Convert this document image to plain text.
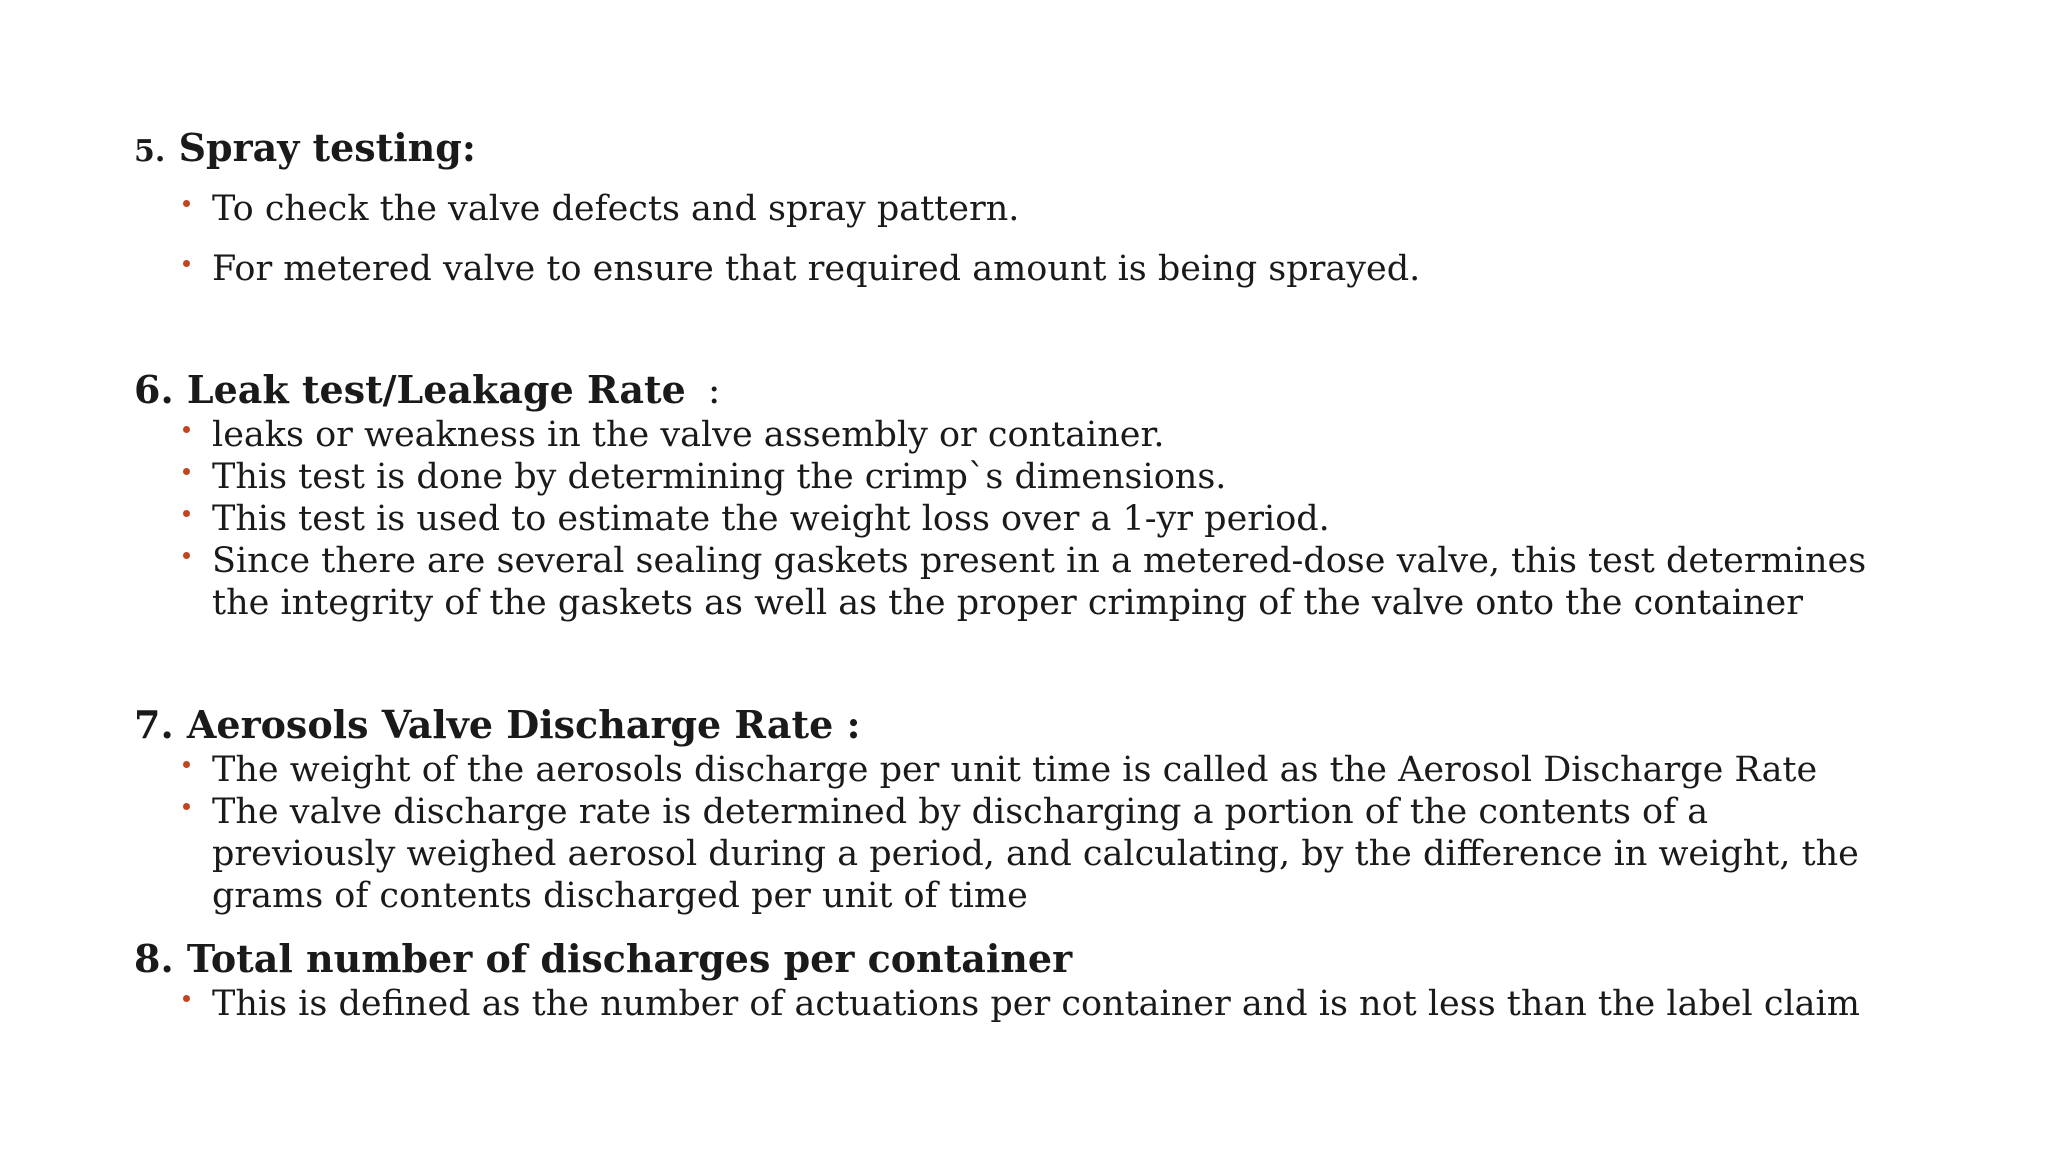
5. Spray testing:
To check the valve defects and spray pattern.
For metered valve to ensure that required amount is being sprayed.
6. Leak test/Leakage Rate :
leaks or weakness in the valve assembly or container.
This test is done by determining the crimp`s dimensions.
This test is used to estimate the weight loss over a 1-yr period.
Since there are several sealing gaskets present in a metered-dose valve, this test determines
the integrity of the gaskets as well as the proper crimping of the valve onto the container
7. Aerosols Valve Discharge Rate :
The weight of the aerosols discharge per unit time is called as the Aerosol Discharge Rate
The valve discharge rate is determined by discharging a portion of the contents of a
previously weighed aerosol during a period, and calculating, by the difference in weight, the
grams of contents discharged per unit of time
8. Total number of discharges per container
This is defined as the number of actuations per container and is not less than the label claim
